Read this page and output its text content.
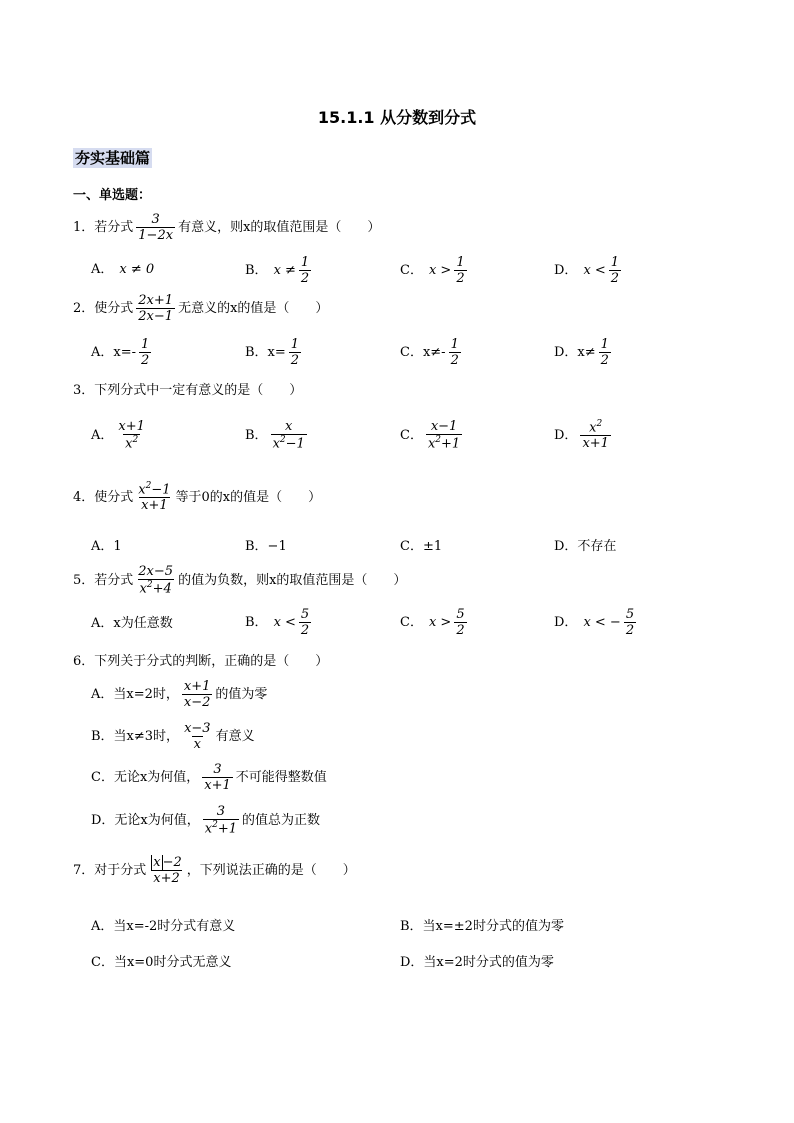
15.1.1 从分数到分式
夯实基础篇
一、单选题：
1．若分式 $\frac{3}{1-2x}$ 有意义，则x的取值范围是（　　）
A． x ≠ 0	B． $x \ne \frac{1}{2}$	C． $x > \frac{1}{2}$	D． $x < \frac{1}{2}$
2．使分式 $\frac{2x+1}{2x-1}$ 无意义的x的值是（　　）
A．$x=- \frac{1}{2}$	B．$x= \frac{1}{2}$	C．$x\ne- \frac{1}{2}$	D．$x\ne \frac{1}{2}$
3．下列分式中一定有意义的是（　　）
A． $\frac{x+1}{x^2}$	B． $\frac{x}{x^2-1}$	C． $\frac{x-1}{x^2+1}$	D． $\frac{x^2}{x+1}$
4．使分式 $\frac{x^2-1}{x+1}$ 等于0的x的值是（　　）
A．1	B．−1	C．±1	D．不存在
5．若分式 $\frac{2x-5}{x^2+4}$ 的值为负数，则x的取值范围是（　　）
A．x为任意数	B． $x < \frac{5}{2}$	C． $x > \frac{5}{2}$	D． x < − $\frac{5}{2}$
6．下列关于分式的判断，正确的是（　　）
A．当x=2时， $\frac{x+1}{x-2}$ 的值为零
B．当x≠3时， $\frac{x-3}{x}$ 有意义
C．无论x为何值， $\frac{3}{x+1}$ 不可能得整数值
D．无论x为何值， $\frac{3}{x^2+1}$ 的值总为正数
7．对于分式 $\frac{x -2}{x+2}$ ，下列说法正确的是（　　）
A．当x=-2时分式有意义	B．当x=±2时分式的值为零
C．当x=0时分式无意义	D．当x=2时分式的值为零
